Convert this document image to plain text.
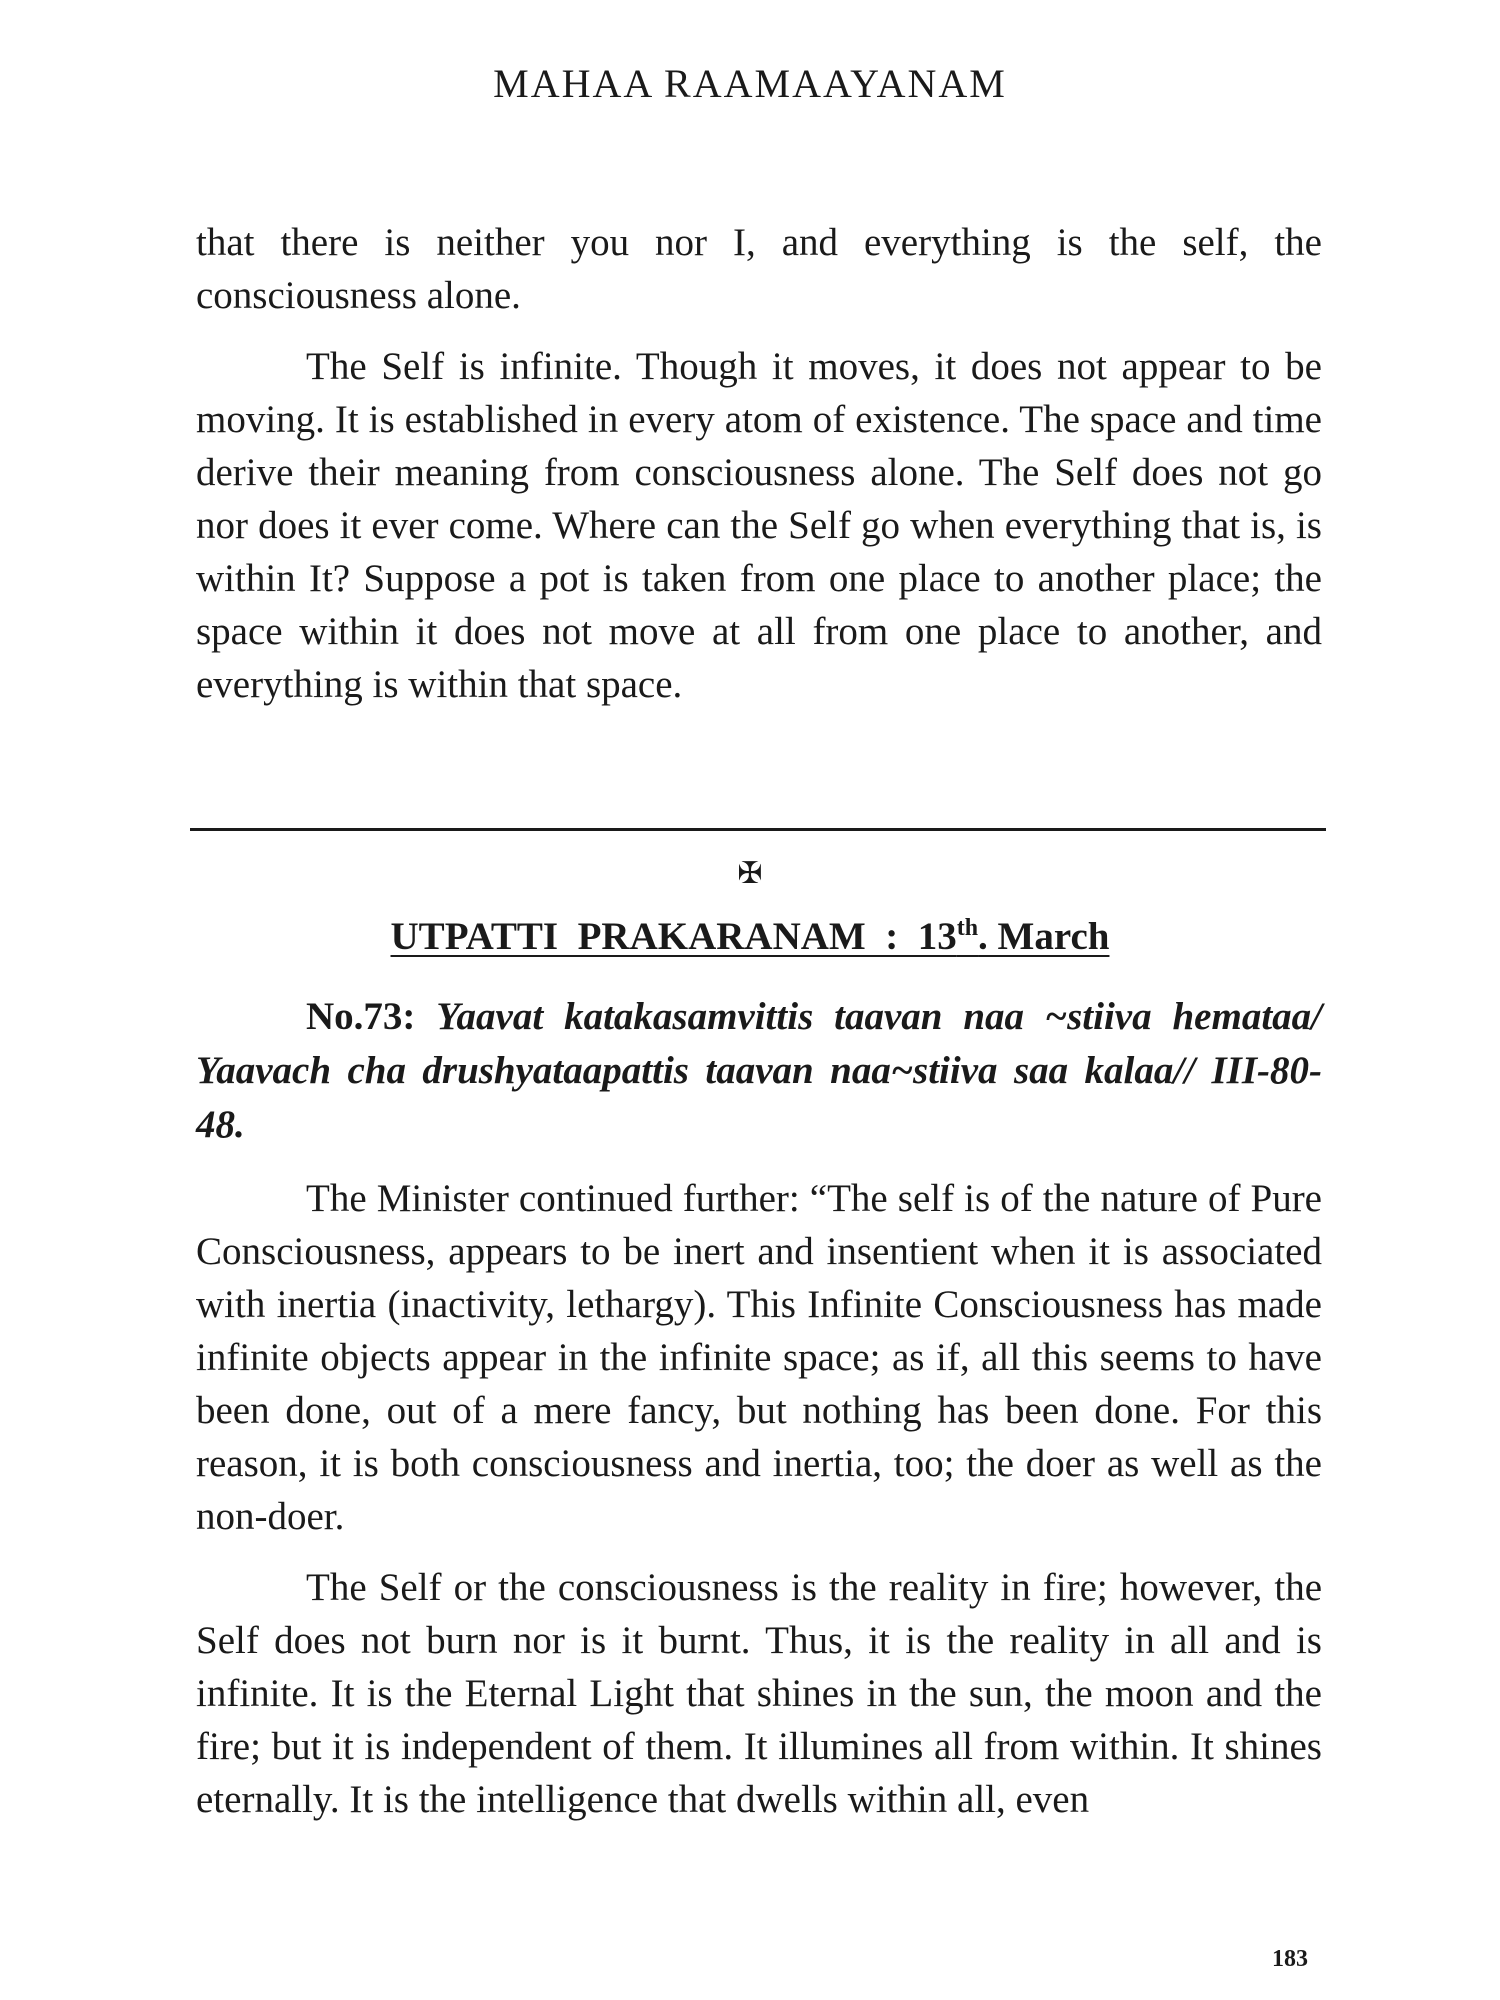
MAHAA RAAMAAYANAM

that there is neither you nor I, and everything is the self, the consciousness alone.

The Self is infinite. Though it moves, it does not appear to be moving. It is established in every atom of existence. The space and time derive their meaning from consciousness alone. The Self does not go nor does it ever come. Where can the Self go when everything that is, is within It? Suppose a pot is taken from one place to another place; the space within it does not move at all from one place to another, and everything is within that space.

✠
UTPATTI  PRAKARANAM  :  13th. March

No.73: Yaavat katakasamvittis taavan naa ~stiiva hemataa/ Yaavach cha drushyataapattis taavan naa~stiiva saa kalaa// III-80-48.

The Minister continued further: “The self is of the nature of Pure Consciousness, appears to be inert and insentient when it is associated with inertia (inactivity, lethargy). This Infinite Consciousness has made infinite objects appear in the infinite space; as if, all this seems to have been done, out of a mere fancy, but nothing has been done. For this reason, it is both consciousness and inertia, too; the doer as well as the non-doer.

The Self or the consciousness is the reality in fire; however, the Self does not burn nor is it burnt. Thus, it is the reality in all and is infinite. It is the Eternal Light that shines in the sun, the moon and the fire; but it is independent of them. It illumines all from within. It shines eternally. It is the intelligence that dwells within all, even

183
